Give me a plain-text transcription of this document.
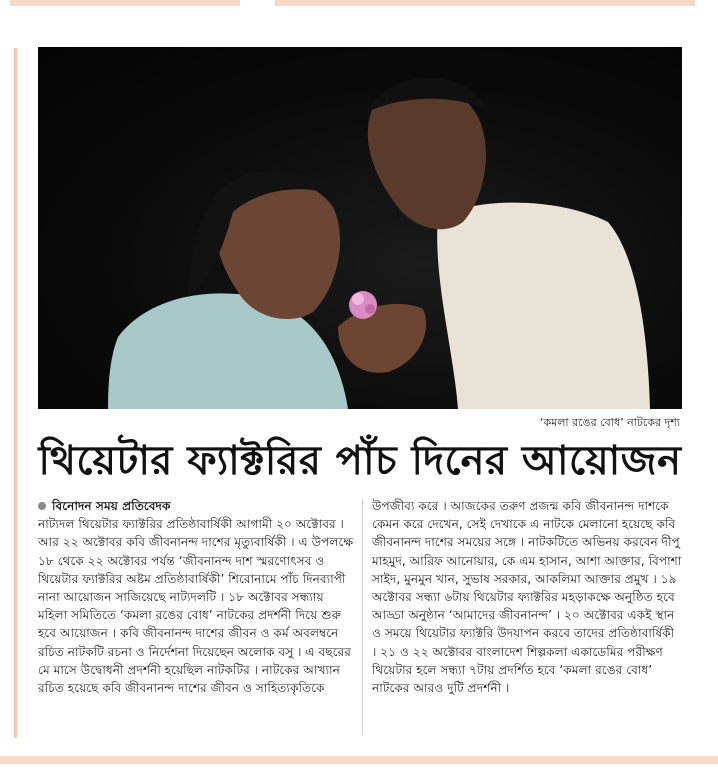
‘কমলা রঙের বোধ’ নাটকের দৃশ্য
থিয়েটার ফ্যাক্টরির পাঁচ দিনের আয়োজন
বিনোদন সময় প্রতিবেদক

নাট্যদল থিয়েটার ফ্যাক্টরির প্রতিষ্ঠাবার্ষিকী আগামী ২০ অক্টোবর । আর ২২ অক্টোবর কবি জীবনানন্দ দাশের মৃত্যুবার্ষিকী । এ উপলক্ষে ১৮ থেকে ২২ অক্টোবর পর্যন্ত ‘জীবনানন্দ দাশ স্মরণোৎসব ও থিয়েটার ফ্যাক্টরির অষ্টম প্রতিষ্ঠাবার্ষিকী’ শিরোনামে পাঁচ দিনব্যাপী নানা আয়োজন সাজিয়েছে নাট্যদলটি । ১৮ অক্টোবর সন্ধ্যায় মহিলা সমিতিতে ‘কমলা রঙের বোধ’ নাটকের প্রদর্শনী দিয়ে শুরু হবে আয়োজন । কবি জীবনানন্দ দাশের জীবন ও কর্ম অবলম্বনে রচিত নাটকটি রচনা ও নির্দেশনা দিয়েছেন অলোক বসু । এ বছরের মে মাসে উদ্বোধনী প্রদর্শনী হয়েছিল নাটকটির । নাটকের আখ্যান রচিত হয়েছে কবি জীবনানন্দ দাশের জীবন ও সাহিত্যকৃতিকে

উপজীব্য করে । আজকের তরুণ প্রজন্ম কবি জীবনানন্দ দাশকে কেমন করে দেখেন, সেই দেখাকে এ নাটকে মেলানো হয়েছে কবি জীবনানন্দ দাশের সময়ের সঙ্গে । নাটকটিতে অভিনয় করবেন দীপু মাহমুদ, আরিফ আনোয়ার, কে এম হাসান, আশা আক্তার, বিপাশা সাইদ, মুনমুন খান, সুভাষ সরকার, আকলিমা আক্তার প্রমুখ । ১৯ অক্টোবর সন্ধ্যা ৬টায় থিয়েটার ফ্যাক্টরির মহড়াকক্ষে অনুষ্ঠিত হবে আড্ডা অনুষ্ঠান ‘আমাদের জীবনানন্দ’ । ২০ অক্টোবর একই স্থান ও সময়ে থিয়েটার ফ্যাক্টরি উদযাপন করবে তাদের প্রতিষ্ঠাবার্ষিকী । ২১ ও ২২ অক্টোবর বাংলাদেশ শিল্পকলা একাডেমির পরীক্ষণ থিয়েটার হলে সন্ধ্যা ৭টায় প্রদর্শিত হবে ‘কমলা রঙের বোধ’ নাটকের আরও দুটি প্রদর্শনী ।
